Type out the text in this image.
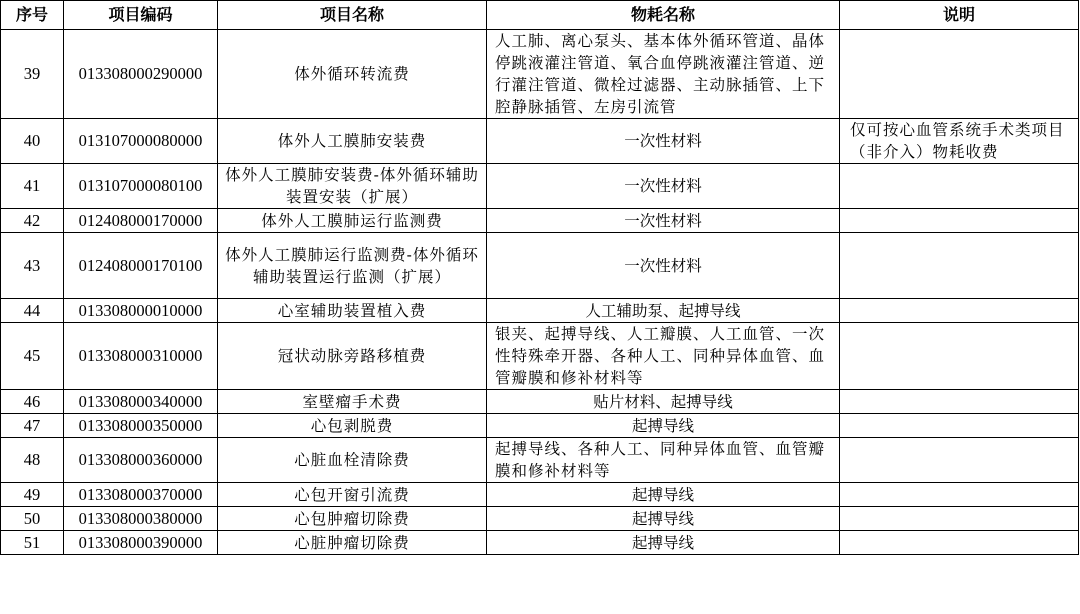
序号	项目编码	项目名称	物耗名称	说明
39	013308000290000	体外循环转流费	人工肺、离心泵头、基本体外循环管道、晶体停跳液灌注管道、氧合血停跳液灌注管道、逆行灌注管道、微栓过滤器、主动脉插管、上下腔静脉插管、左房引流管	
40	013107000080000	体外人工膜肺安装费	一次性材料	仅可按心血管系统手术类项目（非介入）物耗收费
41	013107000080100	体外人工膜肺安装费-体外循环辅助装置安装（扩展）	一次性材料	
42	012408000170000	体外人工膜肺运行监测费	一次性材料	
43	012408000170100	体外人工膜肺运行监测费-体外循环辅助装置运行监测（扩展）	一次性材料	
44	013308000010000	心室辅助装置植入费	人工辅助泵、起搏导线	
45	013308000310000	冠状动脉旁路移植费	银夹、起搏导线、人工瓣膜、人工血管、一次性特殊牵开器、各种人工、同种异体血管、血管瓣膜和修补材料等	
46	013308000340000	室壁瘤手术费	贴片材料、起搏导线	
47	013308000350000	心包剥脱费	起搏导线	
48	013308000360000	心脏血栓清除费	起搏导线、各种人工、同种异体血管、血管瓣膜和修补材料等	
49	013308000370000	心包开窗引流费	起搏导线	
50	013308000380000	心包肿瘤切除费	起搏导线	
51	013308000390000	心脏肿瘤切除费	起搏导线	
